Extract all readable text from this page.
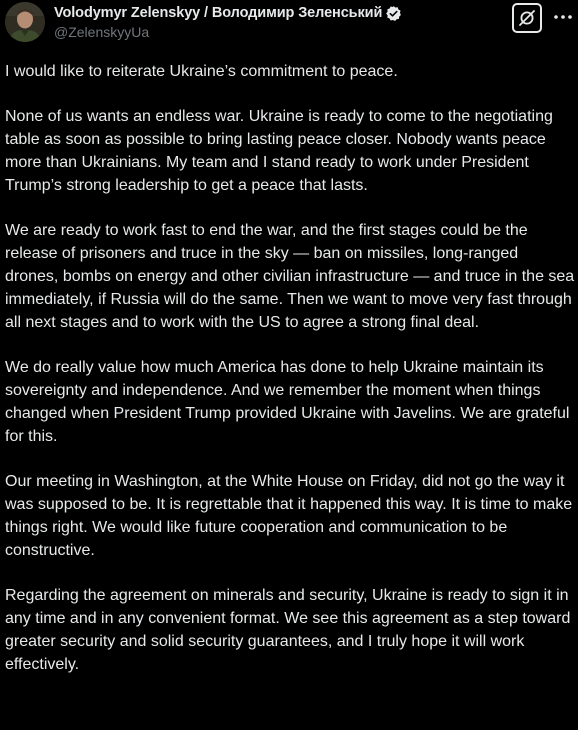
Volodymyr Zelenskyy / Володимир Зеленський
@ZelenskyyUa

I would like to reiterate Ukraine’s commitment to peace.

None of us wants an endless war. Ukraine is ready to come to the negotiating table as soon as possible to bring lasting peace closer. Nobody wants peace more than Ukrainians. My team and I stand ready to work under President Trump’s strong leadership to get a peace that lasts.

We are ready to work fast to end the war, and the first stages could be the release of prisoners and truce in the sky — ban on missiles, long-ranged drones, bombs on energy and other civilian infrastructure — and truce in the sea immediately, if Russia will do the same. Then we want to move very fast through all next stages and to work with the US to agree a strong final deal.

We do really value how much America has done to help Ukraine maintain its sovereignty and independence. And we remember the moment when things changed when President Trump provided Ukraine with Javelins. We are grateful for this.

Our meeting in Washington, at the White House on Friday, did not go the way it was supposed to be. It is regrettable that it happened this way. It is time to make things right. We would like future cooperation and communication to be constructive.

Regarding the agreement on minerals and security, Ukraine is ready to sign it in any time and in any convenient format. We see this agreement as a step toward greater security and solid security guarantees, and I truly hope it will work effectively.
